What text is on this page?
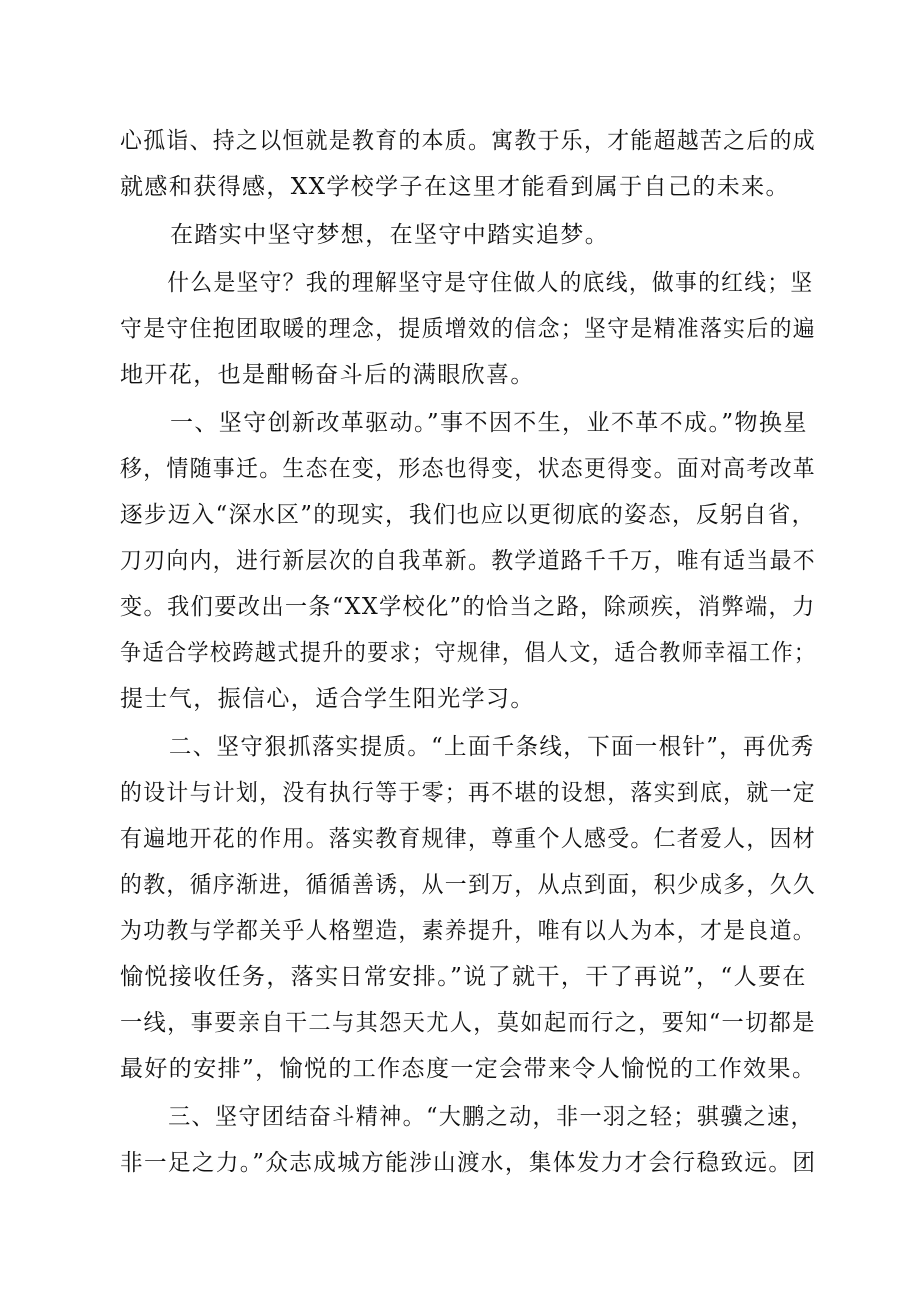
心孤诣、持之以恒就是教育的本质。寓教于乐，才能超越苦之后的成
就感和获得感，XX学校学子在这里才能看到属于自己的未来。
在踏实中坚守梦想，在坚守中踏实追梦。
什么是坚守？我的理解坚守是守住做人的底线，做事的红线；坚
守是守住抱团取暖的理念，提质增效的信念；坚守是精准落实后的遍
地开花，也是酣畅奋斗后的满眼欣喜。
一、坚守创新改革驱动。”事不因不生，业不革不成。”物换星
移，情随事迁。生态在变，形态也得变，状态更得变。面对高考改革
逐步迈入“深水区”的现实，我们也应以更彻底的姿态，反躬自省，
刀刃向内，进行新层次的自我革新。教学道路千千万，唯有适当最不
变。我们要改出一条“XX学校化”的恰当之路，除顽疾，消弊端，力
争适合学校跨越式提升的要求；守规律，倡人文，适合教师幸福工作；
提士气，振信心，适合学生阳光学习。
二、坚守狠抓落实提质。“上面千条线，下面一根针”，再优秀
的设计与计划，没有执行等于零；再不堪的设想，落实到底，就一定
有遍地开花的作用。落实教育规律，尊重个人感受。仁者爱人，因材
的教，循序渐进，循循善诱，从一到万，从点到面，积少成多，久久
为功教与学都关乎人格塑造，素养提升，唯有以人为本，才是良道。
愉悦接收任务，落实日常安排。”说了就干，干了再说”，“人要在
一线，事要亲自干二与其怨天尤人，莫如起而行之，要知“一切都是
最好的安排”，愉悦的工作态度一定会带来令人愉悦的工作效果。
三、坚守团结奋斗精神。“大鹏之动，非一羽之轻；骐骥之速，
非一足之力。”众志成城方能涉山渡水，集体发力才会行稳致远。团
